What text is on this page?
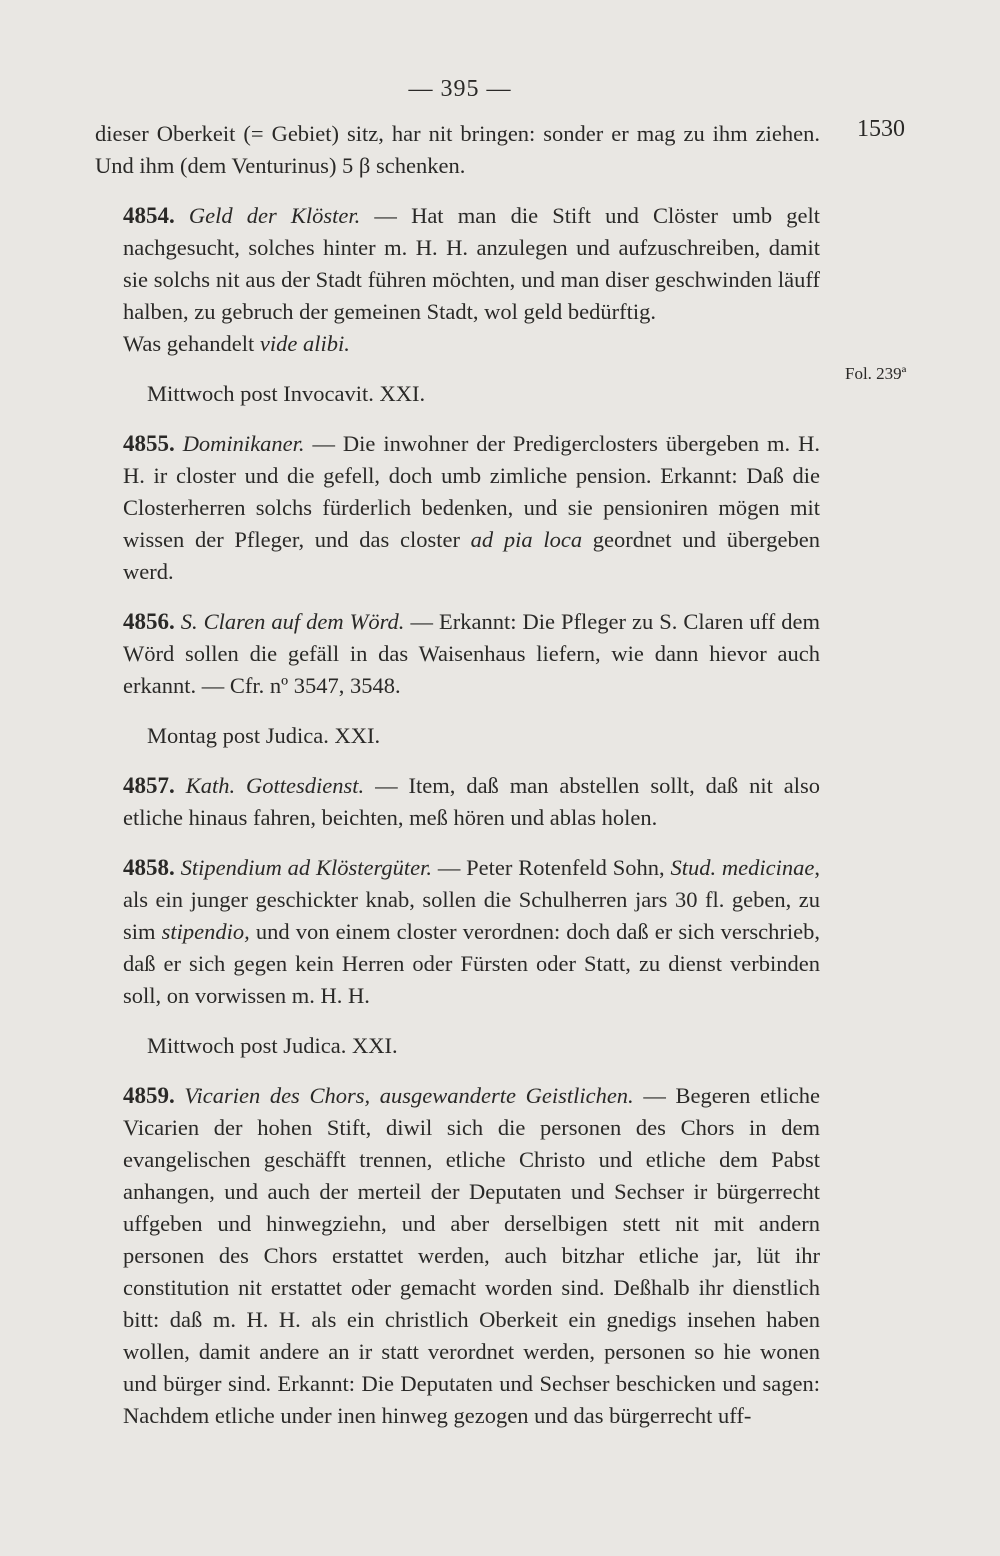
— 395 —
1530
Fol. 239ª

dieser Oberkeit (= Gebiet) sitz, har nit bringen: sonder er mag zu ihm ziehen. Und ihm (dem Venturinus) 5 β schenken.

4854. Geld der Klöster. — Hat man die Stift und Clöster umb gelt nachgesucht, solches hinter m. H. H. anzulegen und aufzuschreiben, damit sie solchs nit aus der Stadt führen möchten, und man diser geschwinden läuff halben, zu gebruch der gemeinen Stadt, wol geld bedürftig.

Was gehandelt vide alibi.

Mittwoch post Invocavit. XXI.

4855. Dominikaner. — Die inwohner der Predigerclosters übergeben m. H. H. ir closter und die gefell, doch umb zimliche pension. Erkannt: Daß die Closterherren solchs fürderlich bedenken, und sie pensioniren mögen mit wissen der Pfleger, und das closter ad pia loca geordnet und übergeben werd.

4856. S. Claren auf dem Wörd. — Erkannt: Die Pfleger zu S. Claren uff dem Wörd sollen die gefäll in das Waisenhaus liefern, wie dann hievor auch erkannt. — Cfr. nº 3547, 3548.

Montag post Judica. XXI.

4857. Kath. Gottesdienst. — Item, daß man abstellen sollt, daß nit also etliche hinaus fahren, beichten, meß hören und ablas holen.

4858. Stipendium ad Klöstergüter. — Peter Rotenfeld Sohn, Stud. medicinae, als ein junger geschickter knab, sollen die Schulherren jars 30 fl. geben, zu sim stipendio, und von einem closter verordnen: doch daß er sich verschrieb, daß er sich gegen kein Herren oder Fürsten oder Statt, zu dienst verbinden soll, on vorwissen m. H. H.

Mittwoch post Judica. XXI.

4859. Vicarien des Chors, ausgewanderte Geistlichen. — Begeren etliche Vicarien der hohen Stift, diwil sich die personen des Chors in dem evangelischen geschäfft trennen, etliche Christo und etliche dem Pabst anhangen, und auch der merteil der Deputaten und Sechser ir bürgerrecht uffgeben und hinwegziehn, und aber derselbigen stett nit mit andern personen des Chors erstattet werden, auch bitzhar etliche jar, lüt ihr constitution nit erstattet oder gemacht worden sind. Deßhalb ihr dienstlich bitt: daß m. H. H. als ein christlich Oberkeit ein gnedigs insehen haben wollen, damit andere an ir statt verordnet werden, personen so hie wonen und bürger sind. Erkannt: Die Deputaten und Sechser beschicken und sagen: Nachdem etliche under inen hinweg gezogen und das bürgerrecht uff-
